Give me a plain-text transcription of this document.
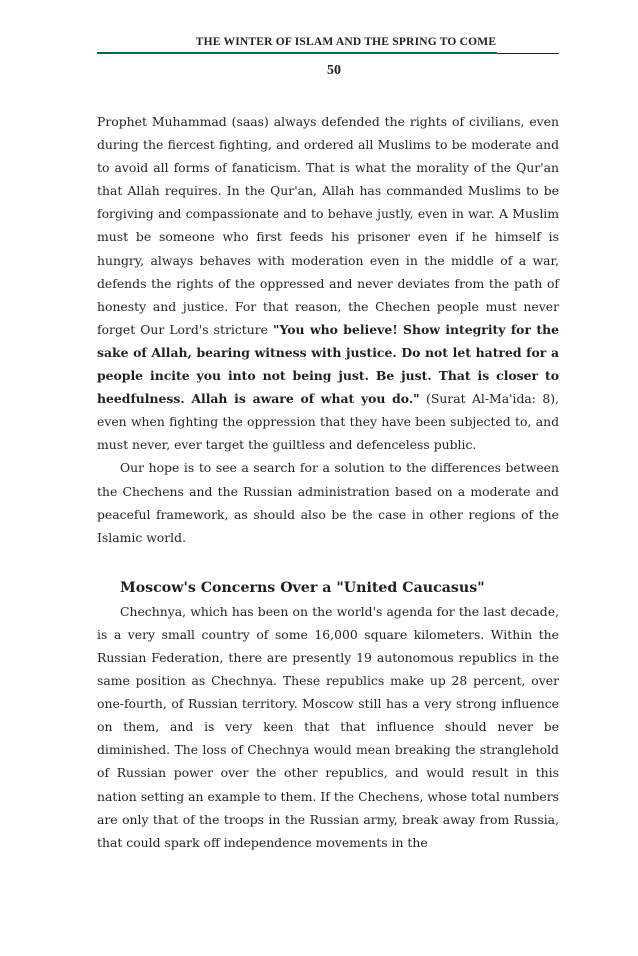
THE WINTER OF ISLAM AND THE SPRING TO COME
50

Prophet Muhammad (saas) always defended the rights of civilians, even during the fiercest fighting, and ordered all Muslims to be moderate and to avoid all forms of fanaticism. That is what the morality of the Qur'an that Allah requires. In the Qur'an, Allah has commanded Muslims to be forgiving and compassionate and to behave justly, even in war. A Muslim must be someone who first feeds his prisoner even if he himself is hungry, always behaves with moderation even in the middle of a war, defends the rights of the oppressed and never deviates from the path of honesty and justice. For that reason, the Chechen people must never forget Our Lord's stricture "You who believe! Show integrity for the sake of Allah, bearing witness with justice. Do not let hatred for a people incite you into not being just. Be just. That is closer to heedfulness. Allah is aware of what you do." (Surat Al-Ma'ida: 8), even when fighting the oppression that they have been subjected to, and must never, ever target the guiltless and defenceless public.

Our hope is to see a search for a solution to the differences between the Chechens and the Russian administration based on a moderate and peaceful framework, as should also be the case in other regions of the Islamic world.

Moscow's Concerns Over a "United Caucasus"

Chechnya, which has been on the world's agenda for the last decade, is a very small country of some 16,000 square kilometers. Within the Russian Federation, there are presently 19 autonomous republics in the same position as Chechnya. These republics make up 28 percent, over one-fourth, of Russian territory. Moscow still has a very strong influence on them, and is very keen that that influence should never be diminished. The loss of Chechnya would mean breaking the stranglehold of Russian power over the other republics, and would result in this nation setting an example to them. If the Chechens, whose total numbers are only that of the troops in the Russian army, break away from Russia, that could spark off independence movements in the
